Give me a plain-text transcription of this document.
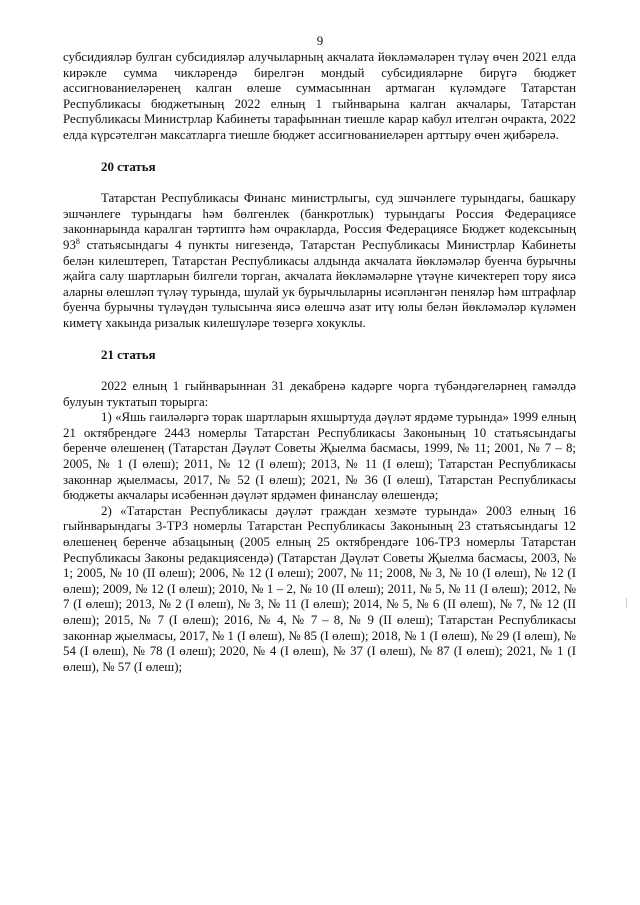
9

субсидияләр булган субсидияләр алучыларның акчалата йөкләмәләрен түләү өчен 2021 елда кирәкле сумма чикләрендә бирелгән мондый субсидияләрне бирүгә бюджет ассигнованиеләренең калган өлеше суммасыннан артмаган күләмдәге Татарстан Республикасы бюджетының 2022 елның 1 гыйнварына калган акчалары, Татарстан Республикасы Министрлар Кабинеты тарафыннан тиешле карар кабул ителгән очракта, 2022 елда күрсәтелгән максатларга тиешле бюджет ассигнованиеләрен арттыру өчен җибәрелә.

20 статья

Татарстан Республикасы Финанс министрлыгы, суд эшчәнлеге турындагы, башкару эшчәнлеге турындагы һәм бөлгенлек (банкротлык) турындагы Россия Федерациясе законнарында каралган тәртиптә һәм очракларда, Россия Федерациясе Бюджет кодексының $93^8$ статьясындагы 4 пункты нигезендә, Татарстан Республикасы Министрлар Кабинеты белән килештереп, Татарстан Республикасы алдында акчалата йөкләмәләр буенча бурычны җайга салу шартларын билгели торган, акчалата йөкләмәләрне үтәүне кичектереп тору яисә аларны өлешләп түләү турында, шулай ук бурычлыларны исәпләнгән пеняләр һәм штрафлар буенча бурычны түләүдән тулысынча яисә өлешчә азат итү юлы белән йөкләмәләр күләмен киметү хакында ризалык килешүләре төзергә хокуклы.

21 статья

2022 елның 1 гыйнварыннан 31 декабренә кадәрге чорга түбәндәгеләрнең гамәлдә булуын туктатып торырга:

1) «Яшь гаиләләргә торак шартларын яхшыртуда дәүләт ярдәме турында» 1999 елның 21 октябрендәге 2443 номерлы Татарстан Республикасы Законының 10 статьясындагы беренче өлешенең (Татарстан Дәүләт Советы Җыелма басмасы, 1999, № 11; 2001, № 7 – 8; 2005, № 1 (I өлеш); 2011, № 12 (I өлеш); 2013, № 11 (I өлеш); Татарстан Республикасы законнар җыелмасы, 2017, № 52 (I өлеш); 2021, № 36 (I өлеш), Татарстан Республикасы бюджеты акчалары исәбеннән дәүләт ярдәмен финанслау өлешендә;

2) «Татарстан Республикасы дәүләт граждан хезмәте турында» 2003 елның 16 гыйнварындагы 3-ТРЗ номерлы Татарстан Республикасы Законының 23 статьясындагы 12 өлешенең беренче абзацының (2005 елның 25 октябрендәге 106-ТРЗ номерлы Татарстан Республикасы Законы редакциясендә) (Татарстан Дәүләт Советы Җыелма басмасы, 2003, № 1; 2005, № 10 (II өлеш); 2006, № 12 (I өлеш); 2007, № 11; 2008, № 3, № 10 (I өлеш), № 12 (I өлеш); 2009, № 12 (I өлеш); 2010, № 1 – 2, № 10 (II өлеш); 2011, № 5, № 11 (I өлеш); 2012, № 7 (I өлеш); 2013, № 2 (I өлеш), № 3, № 11 (I өлеш); 2014, № 5, № 6 (II өлеш), № 7, № 12 (II өлеш); 2015, № 7 (I өлеш); 2016, № 4, № 7 – 8, № 9 (II өлеш); Татарстан Республикасы законнар җыелмасы, 2017, № 1 (I өлеш), № 85 (I өлеш); 2018, № 1 (I өлеш), № 29 (I өлеш), № 54 (I өлеш), № 78 (I өлеш); 2020, № 4 (I өлеш), № 37 (I өлеш), № 87 (I өлеш); 2021, № 1 (I өлеш), № 57 (I өлеш);
